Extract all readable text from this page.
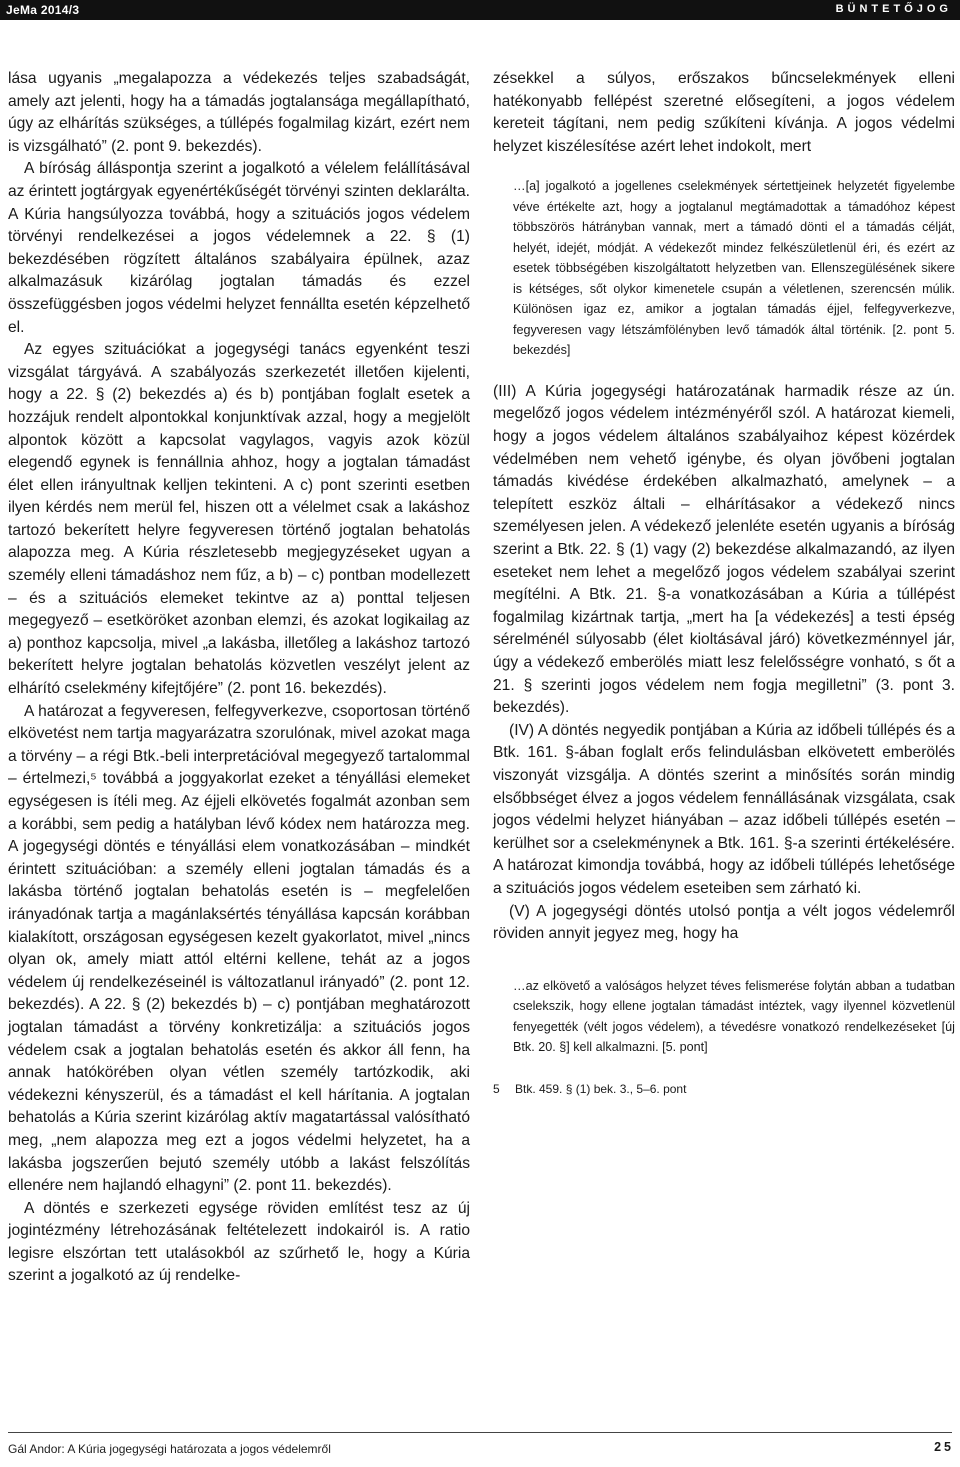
JeMa 2014/3	BÜNTETŐJOG

lása ugyanis „megalapozza a védekezés teljes szabadságát, amely azt jelenti, hogy ha a támadás jogtalansága megállapítható, úgy az elhárítás szükséges, a túllépés fogalmilag kizárt, ezért nem is vizsgálható” (2. pont 9. bekezdés).

A bíróság álláspontja szerint a jogalkotó a vélelem felállításával az érintett jogtárgyak egyenértékűségét törvényi szinten deklarálta. A Kúria hangsúlyozza továbbá, hogy a szituációs jogos védelem törvényi rendelkezései a jogos védelemnek a 22. § (1) bekezdésében rögzített általános szabályaira épülnek, azaz alkalmazásuk kizárólag jogtalan támadás és ezzel összefüggésben jogos védelmi helyzet fennállta esetén képzelhető el.

Az egyes szituációkat a jogegységi tanács egyenként teszi vizsgálat tárgyává. A szabályozás szerkezetét illetően kijelenti, hogy a 22. § (2) bekezdés a) és b) pontjában foglalt esetek a hozzájuk rendelt alpontokkal konjunktívak azzal, hogy a megjelölt alpontok között a kapcsolat vagylagos, vagyis azok közül elegendő egynek is fennállnia ahhoz, hogy a jogtalan támadást élet ellen irányultnak kelljen tekinteni. A c) pont szerinti esetben ilyen kérdés nem merül fel, hiszen ott a vélelmet csak a lakáshoz tartozó bekerített helyre fegyveresen történő jogtalan behatolás alapozza meg. A Kúria részletesebb megjegyzéseket ugyan a személy elleni támadáshoz nem fűz, a b) – c) pontban modellezett – és a szituációs elemeket tekintve az a) ponttal teljesen megegyező – esetköröket azonban elemzi, és azokat logikailag az a) ponthoz kapcsolja, mivel „a lakásba, illetőleg a lakáshoz tartozó bekerített helyre jogtalan behatolás közvetlen veszélyt jelent az elhárító cselekmény kifejtőjére” (2. pont 16. bekezdés).

A határozat a fegyveresen, felfegyverkezve, csoportosan történő elkövetést nem tartja magyarázatra szorulónak, mivel azokat maga a törvény – a régi Btk.-beli interpretációval megegyező tartalommal – értelmezi,⁵ továbbá a joggyakorlat ezeket a tényállási elemeket egységesen is ítéli meg. Az éjjeli elkövetés fogalmát azonban sem a korábbi, sem pedig a hatályban lévő kódex nem határozza meg. A jogegységi döntés e tényállási elem vonatkozásában – mindkét érintett szituációban: a személy elleni jogtalan támadás és a lakásba történő jogtalan behatolás esetén is – megfelelően irányadónak tartja a magánlaksértés tényállása kapcsán korábban kialakított, országosan egységesen kezelt gyakorlatot, mivel „nincs olyan ok, amely miatt attól eltérni kellene, tehát az a jogos védelem új rendelkezéseinél is változatlanul irányadó” (2. pont 12. bekezdés). A 22. § (2) bekezdés b) – c) pontjában meghatározott jogtalan támadást a törvény konkretizálja: a szituációs jogos védelem csak a jogtalan behatolás esetén és akkor áll fenn, ha annak hatókörében olyan vétlen személy tartózkodik, aki védekezni kényszerül, és a támadást el kell hárítania. A jogtalan behatolás a Kúria szerint kizárólag aktív magatartással valósítható meg, „nem alapozza meg ezt a jogos védelmi helyzetet, ha a lakásba jogszerűen bejutó személy utóbb a lakást felszólítás ellenére nem hajlandó elhagyni” (2. pont 11. bekezdés).

A döntés e szerkezeti egysége röviden említést tesz az új jogintézmény létrehozásának feltételezett indokairól is. A ratio legisre elszórtan tett utalásokból az szűrhető le, hogy a Kúria szerint a jogalkotó az új rendelke-

zésekkel a súlyos, erőszakos bűncselekmények elleni hatékonyabb fellépést szeretné elősegíteni, a jogos védelem kereteit tágítani, nem pedig szűkíteni kívánja. A jogos védelmi helyzet kiszélesítése azért lehet indokolt, mert

…[a] jogalkotó a jogellenes cselekmények sértettjeinek helyzetét figyelembe véve értékelte azt, hogy a jogtalanul megtámadottak a támadóhoz képest többszörös hátrányban vannak, mert a támadó dönti el a támadás célját, helyét, idejét, módját. A védekezőt mindez felkészületlenül éri, és ezért az esetek többségében kiszolgáltatott helyzetben van. Ellenszegülésének sikere is kétséges, sőt olykor kimenetele csupán a véletlenen, szerencsén múlik. Különösen igaz ez, amikor a jogtalan támadás éjjel, felfegyverkezve, fegyveresen vagy létszámfölényben levő támadók által történik. [2. pont 5. bekezdés]

(III) A Kúria jogegységi határozatának harmadik része az ún. megelőző jogos védelem intézményéről szól. A határozat kiemeli, hogy a jogos védelem általános szabályaihoz képest közérdek védelmében nem vehető igénybe, és olyan jövőbeni jogtalan támadás kivédése érdekében alkalmazható, amelynek – a telepített eszköz általi – elhárításakor a védekező nincs személyesen jelen. A védekező jelenléte esetén ugyanis a bíróság szerint a Btk. 22. § (1) vagy (2) bekezdése alkalmazandó, az ilyen eseteket nem lehet a megelőző jogos védelem szabályai szerint megítélni. A Btk. 21. §-a vonatkozásában a Kúria a túllépést fogalmilag kizártnak tartja, „mert ha [a védekezés] a testi épség sérelménél súlyosabb (élet kioltásával járó) következménnyel jár, úgy a védekező emberölés miatt lesz felelősségre vonható, s őt a 21. § szerinti jogos védelem nem fogja megilletni” (3. pont 3. bekezdés).

(IV) A döntés negyedik pontjában a Kúria az időbeli túllépés és a Btk. 161. §-ában foglalt erős felindulásban elkövetett emberölés viszonyát vizsgálja. A döntés szerint a minősítés során mindig elsőbbséget élvez a jogos védelem fennállásának vizsgálata, csak jogos védelmi helyzet hiányában – azaz időbeli túllépés esetén – kerülhet sor a cselekménynek a Btk. 161. §-a szerinti értékelésére. A határozat kimondja továbbá, hogy az időbeli túllépés lehetősége a szituációs jogos védelem eseteiben sem zárható ki.

(V) A jogegységi döntés utolsó pontja a vélt jogos védelemről röviden annyit jegyez meg, hogy ha

…az elkövető a valóságos helyzet téves felismerése folytán abban a tudatban cselekszik, hogy ellene jogtalan támadást intéztek, vagy ilyennel közvetlenül fenyegették (vélt jogos védelem), a tévedésre vonatkozó rendelkezéseket [új Btk. 20. §] kell alkalmazni. [5. pont]

5 Btk. 459. § (1) bek. 3., 5–6. pont

Gál Andor: A Kúria jogegységi határozata a jogos védelemről	25
